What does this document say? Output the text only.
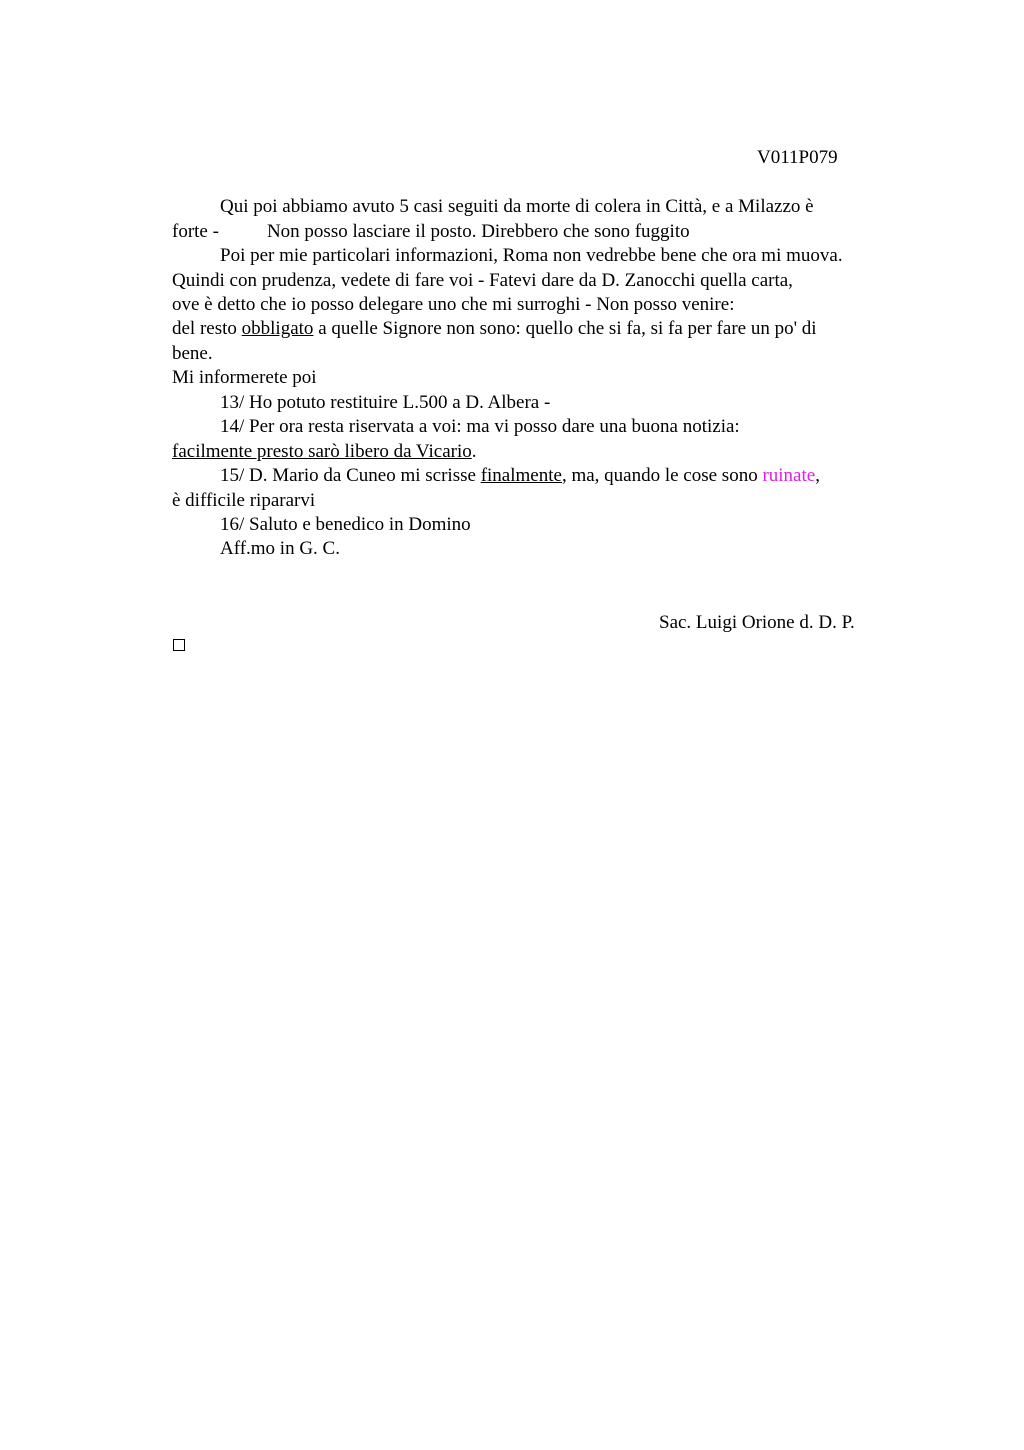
V011P079
Qui poi abbiamo avuto 5 casi seguiti da morte di colera in Città, e a Milazzo è
forte -	Non posso lasciare il posto. Direbbero che sono fuggito
Poi per mie particolari informazioni, Roma non vedrebbe bene che ora mi muova.
Quindi con prudenza, vedete di fare voi - Fatevi dare da D. Zanocchi quella carta,
ove è detto che io posso delegare uno che mi surroghi - Non posso venire:
del resto obbligato a quelle Signore non sono: quello che si fa, si fa per fare un po' di
bene.
Mi informerete poi
13/ Ho potuto restituire L.500 a D. Albera -
14/ Per ora resta riservata a voi: ma vi posso dare una buona notizia:
facilmente presto sarò libero da Vicario.
15/ D. Mario da Cuneo mi scrisse finalmente, ma, quando le cose sono ruinate,
è difficile ripararvi
16/ Saluto e benedico in Domino
Aff.mo in G. C.
Sac. Luigi Orione d. D. P.
